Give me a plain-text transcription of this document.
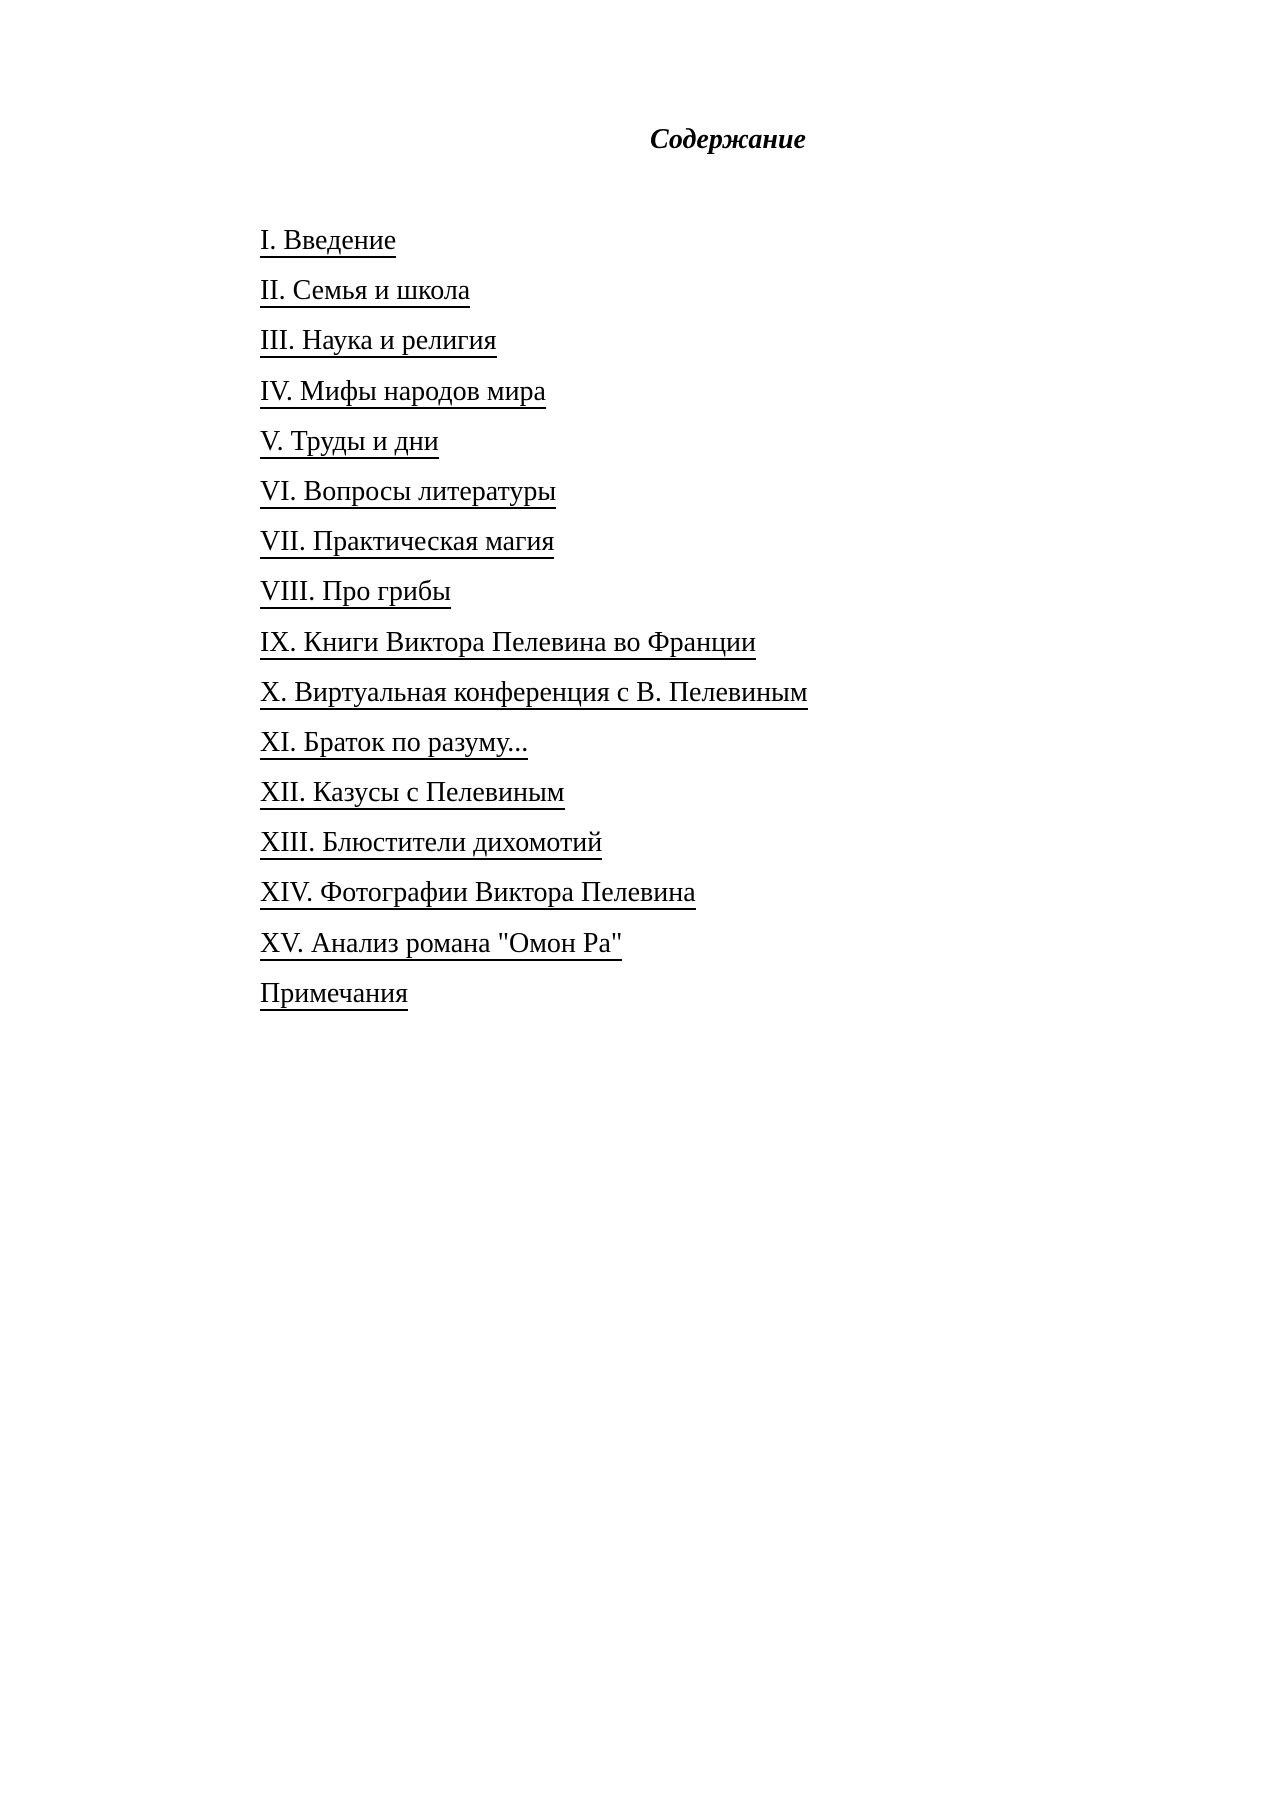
Содержание
I. Введение
II. Семья и школа
III. Наука и религия
IV. Мифы народов мира
V. Труды и дни
VI. Вопросы литературы
VII. Практическая магия
VIII. Про грибы
IX. Книги Виктора Пелевина во Франции
X. Виртуальная конференция с В. Пелевиным
XI. Браток по разуму...
XII. Казусы с Пелевиным
XIII. Блюстители дихомотий
XIV. Фотографии Виктора Пелевина
XV. Анализ романа "Омон Ра"
Примечания
